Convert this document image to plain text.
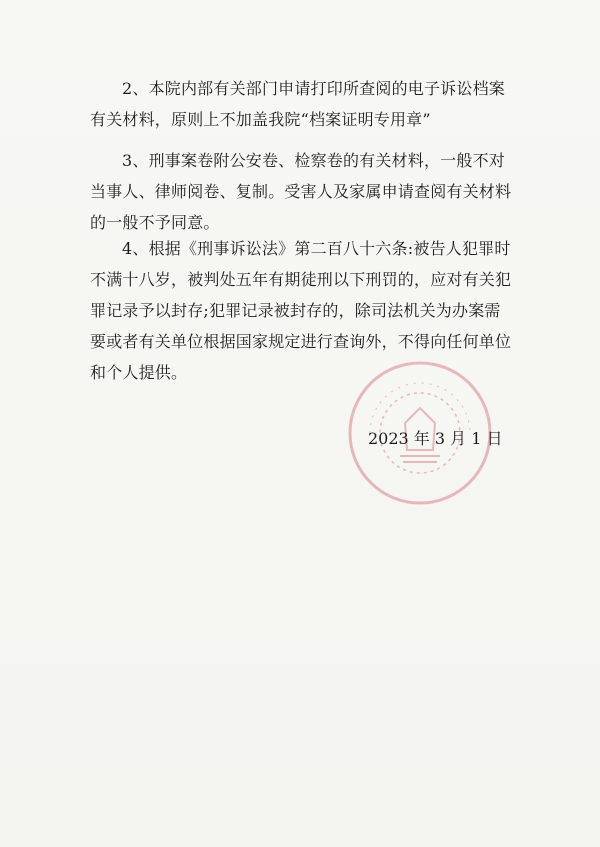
2、本院内部有关部门申请打印所查阅的电子诉讼档案
有关材料，原则上不加盖我院“档案证明专用章”
3、刑事案卷附公安卷、检察卷的有关材料，一般不对
当事人、律师阅卷、复制。受害人及家属申请查阅有关材料
的一般不予同意。
4、根据《刑事诉讼法》第二百八十六条:被告人犯罪时
不满十八岁，被判处五年有期徒刑以下刑罚的，应对有关犯
罪记录予以封存;犯罪记录被封存的，除司法机关为办案需
要或者有关单位根据国家规定进行查询外，不得向任何单位
和个人提供。
2023 年 3 月 1 日
